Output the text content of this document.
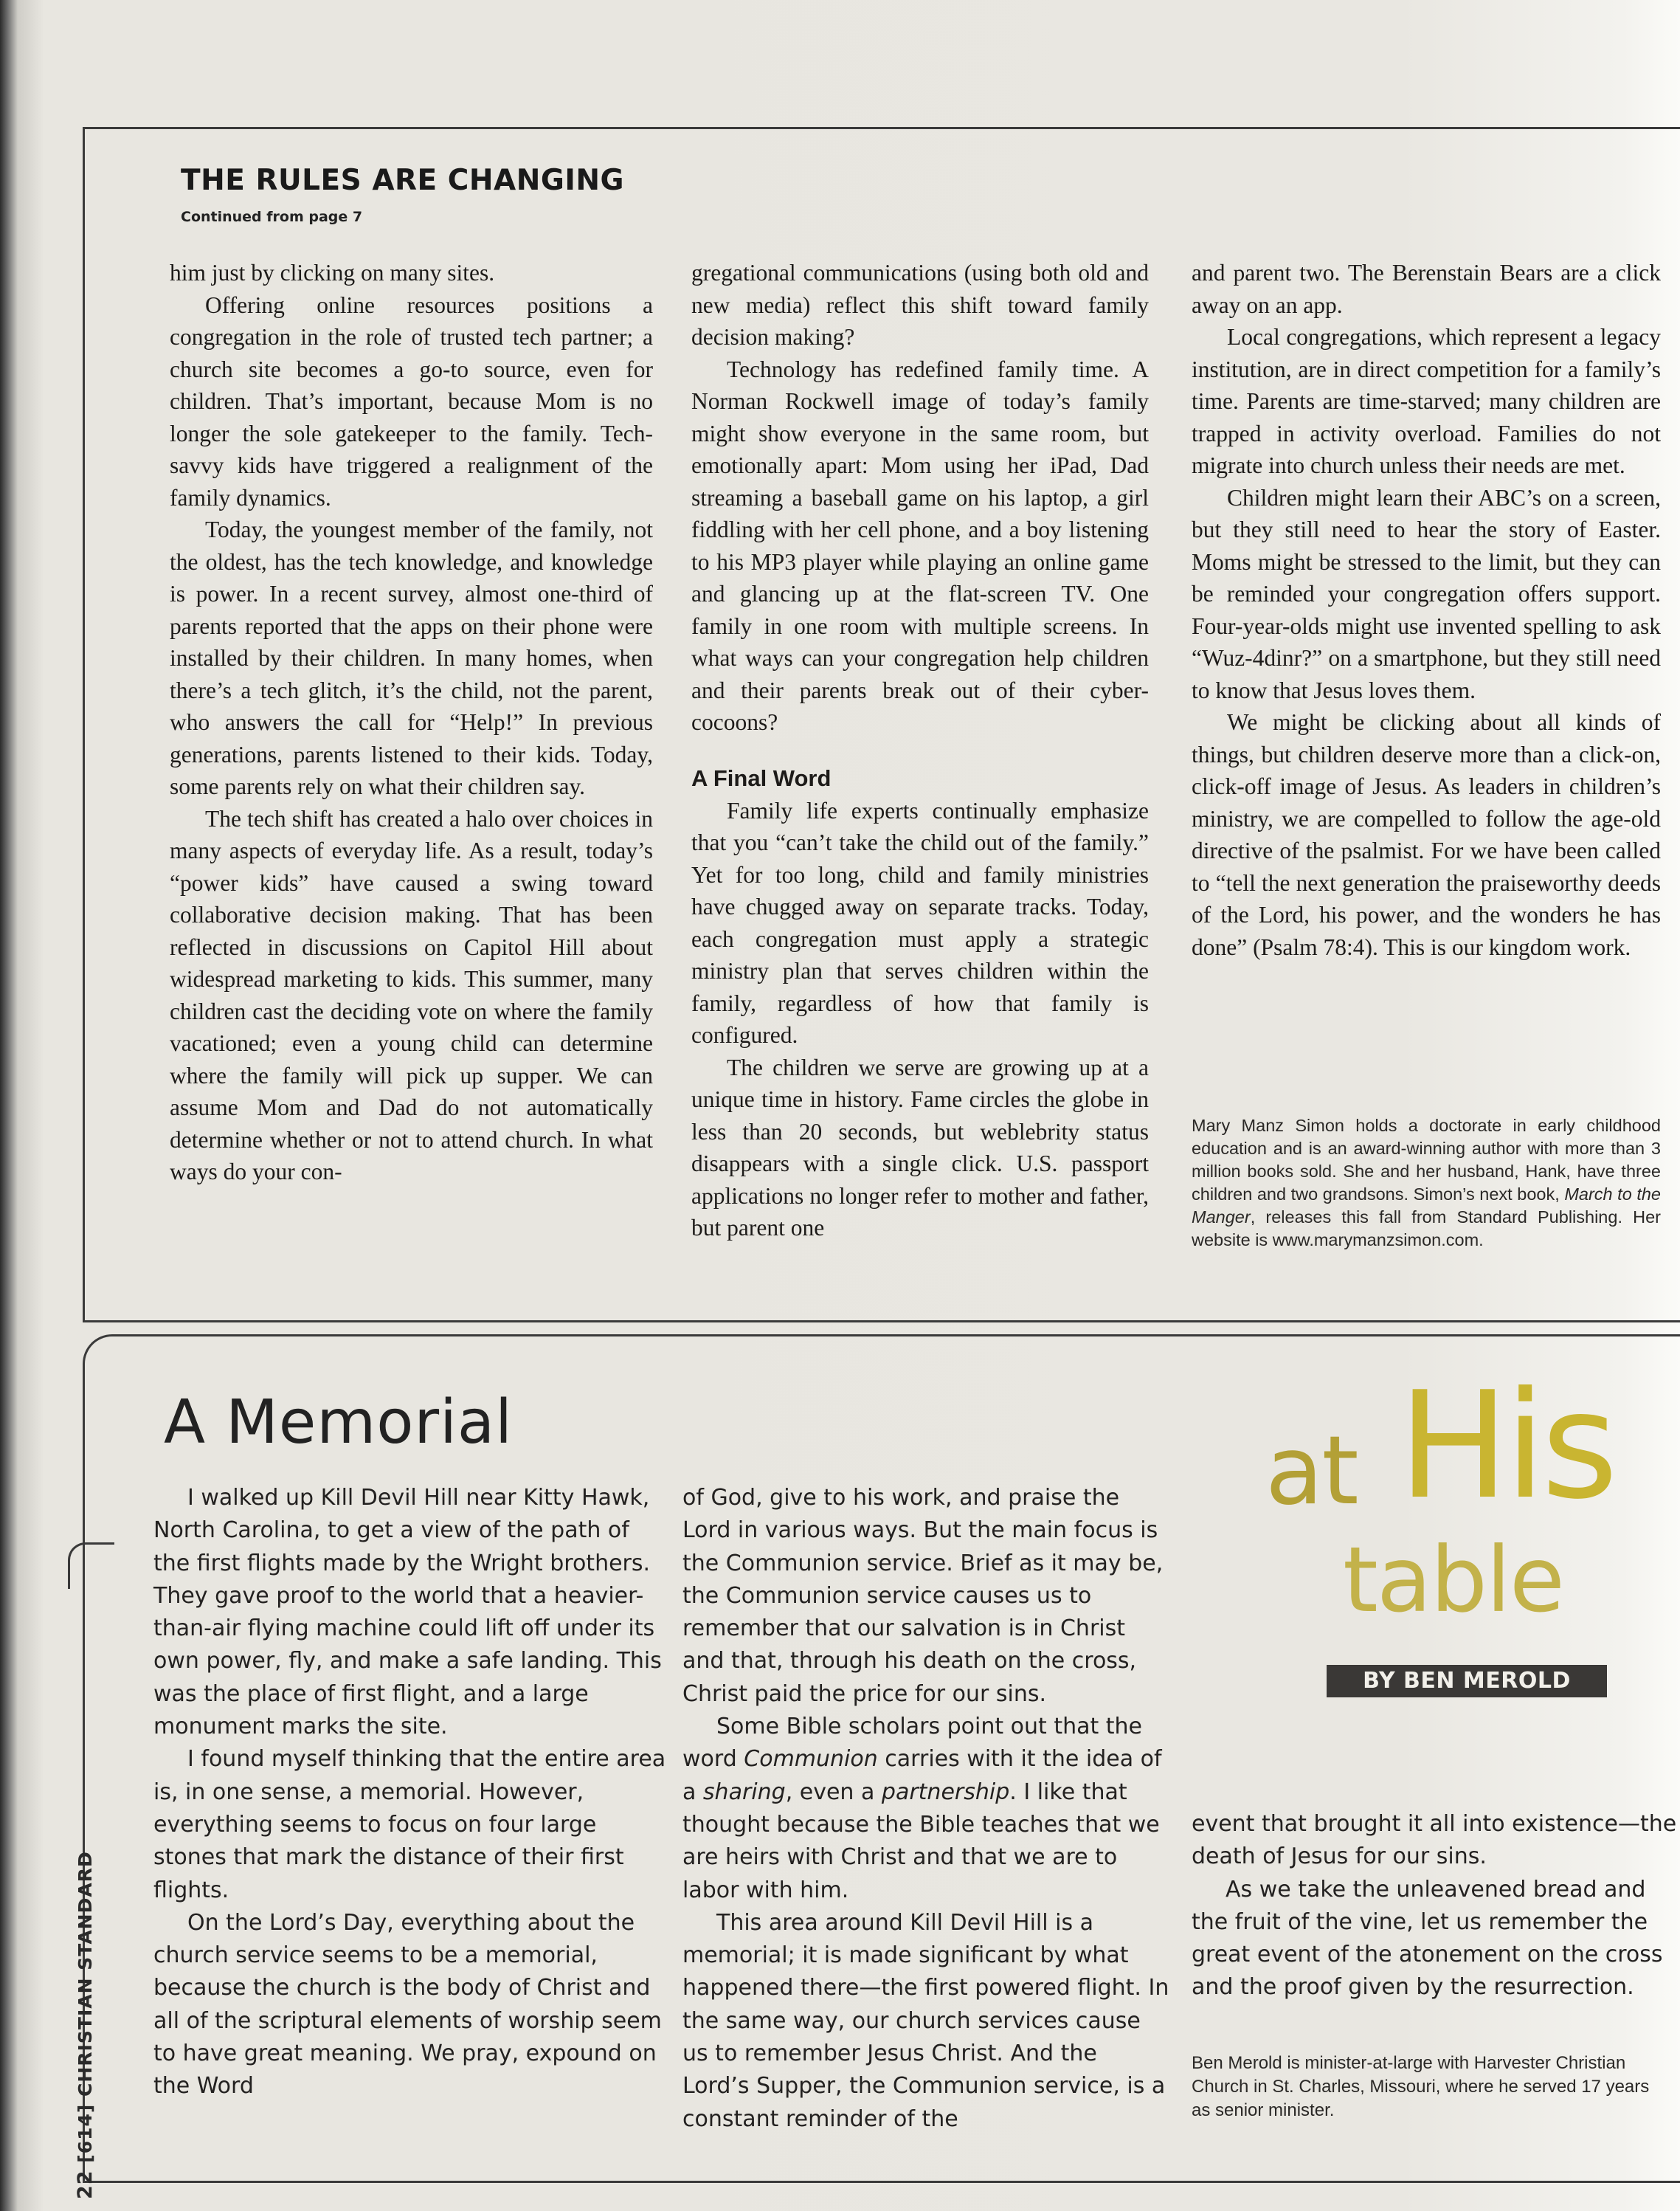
THE RULES ARE CHANGING
Continued from page 7

him just by clicking on many sites.

Offering online resources positions a congregation in the role of trusted tech partner; a church site becomes a go-to source, even for children. That’s important, because Mom is no longer the sole gatekeeper to the family. Tech-savvy kids have triggered a realignment of the family dynamics.

Today, the youngest member of the family, not the oldest, has the tech knowledge, and knowledge is power. In a recent survey, almost one-third of parents reported that the apps on their phone were installed by their children. In many homes, when there’s a tech glitch, it’s the child, not the parent, who answers the call for “Help!” In previous generations, parents listened to their kids. Today, some parents rely on what their children say.

The tech shift has created a halo over choices in many aspects of everyday life. As a result, today’s “power kids” have caused a swing toward collaborative decision making. That has been reflected in discussions on Capitol Hill about widespread marketing to kids. This summer, many children cast the deciding vote on where the family vacationed; even a young child can determine where the family will pick up supper. We can assume Mom and Dad do not automatically determine whether or not to attend church. In what ways do your con-

gregational communications (using both old and new media) reflect this shift toward family decision making?

Technology has redefined family time. A Norman Rockwell image of today’s family might show everyone in the same room, but emotionally apart: Mom using her iPad, Dad streaming a baseball game on his laptop, a girl fiddling with her cell phone, and a boy listening to his MP3 player while playing an online game and glancing up at the flat-screen TV. One family in one room with multiple screens. In what ways can your congregation help children and their parents break out of their cyber-cocoons?

A Final Word

Family life experts continually emphasize that you “can’t take the child out of the family.” Yet for too long, child and family ministries have chugged away on separate tracks. Today, each congregation must apply a strategic ministry plan that serves children within the family, regardless of how that family is configured.

The children we serve are growing up at a unique time in history. Fame circles the globe in less than 20 seconds, but weblebrity status disappears with a single click. U.S. passport applications no longer refer to mother and father, but parent one

and parent two. The Berenstain Bears are a click away on an app.

Local congregations, which represent a legacy institution, are in direct competition for a family’s time. Parents are time-starved; many children are trapped in activity overload. Families do not migrate into church unless their needs are met.

Children might learn their ABC’s on a screen, but they still need to hear the story of Easter. Moms might be stressed to the limit, but they can be reminded your congregation offers support. Four-year-olds might use invented spelling to ask “Wuz-4dinr?” on a smartphone, but they still need to know that Jesus loves them.

We might be clicking about all kinds of things, but children deserve more than a click-on, click-off image of Jesus. As leaders in children’s ministry, we are compelled to follow the age-old directive of the psalmist. For we have been called to “tell the next generation the praiseworthy deeds of the Lord, his power, and the wonders he has done” (Psalm 78:4). This is our kingdom work.

Mary Manz Simon holds a doctorate in early childhood education and is an award-winning author with more than 3 million books sold. She and her husband, Hank, have three children and two grandsons. Simon’s next book, March to the Manger, releases this fall from Standard Publishing. Her website is www.marymanzsimon.com.

A Memorial	at His
table
BY BEN MEROLD

I walked up Kill Devil Hill near Kitty Hawk, North Carolina, to get a view of the path of the first flights made by the Wright brothers. They gave proof to the world that a heavier-than-air flying machine could lift off under its own power, fly, and make a safe landing. This was the place of first flight, and a large monument marks the site.

I found myself thinking that the entire area is, in one sense, a memorial. However, everything seems to focus on four large stones that mark the distance of their first flights.

On the Lord’s Day, everything about the church service seems to be a memorial, because the church is the body of Christ and all of the scriptural elements of worship seem to have great meaning. We pray, expound on the Word

of God, give to his work, and praise the Lord in various ways. But the main focus is the Communion service. Brief as it may be, the Communion service causes us to remember that our salvation is in Christ and that, through his death on the cross, Christ paid the price for our sins.

Some Bible scholars point out that the word Communion carries with it the idea of a sharing, even a partnership. I like that thought because the Bible teaches that we are heirs with Christ and that we are to labor with him.

This area around Kill Devil Hill is a memorial; it is made significant by what happened there—the first powered flight. In the same way, our church services cause us to remember Jesus Christ. And the Lord’s Supper, the Communion service, is a constant reminder of the

event that brought it all into existence—the death of Jesus for our sins.

As we take the unleavened bread and the fruit of the vine, let us remember the great event of the atonement on the cross and the proof given by the resurrection.

Ben Merold is minister-at-large with Harvester Christian Church in St. Charles, Missouri, where he served 17 years as senior minister.

22 [614] CHRISTIAN STANDARD
